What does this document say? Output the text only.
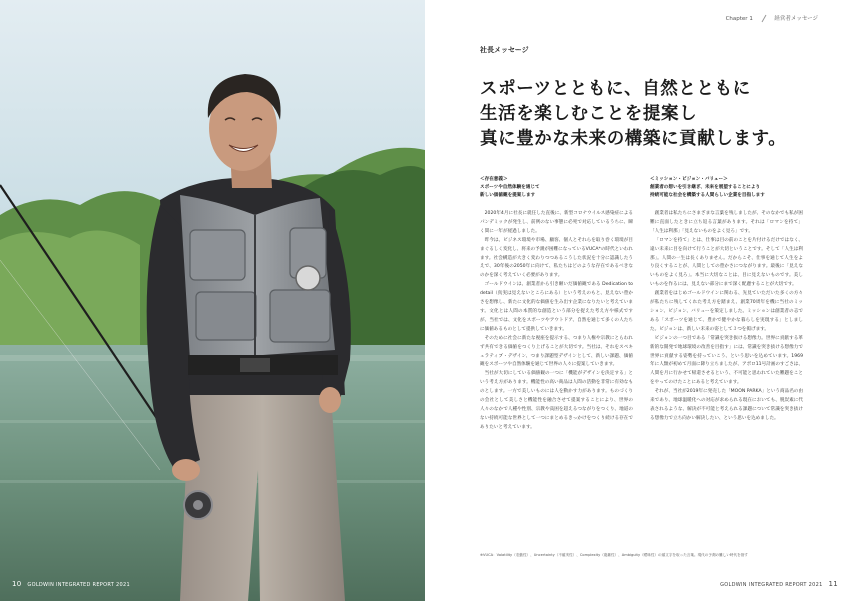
10 GOLDWIN INTEGRATED REPORT 2021
Chapter 1	経営者メッセージ
社長メッセージ
スポーツとともに、自然とともに
生活を楽しむことを提案し
真に豊かな未来の構築に貢献します。
＜存在意義＞
スポーツや自然体験を通じて
新しい価値観を提案します

2020年4月に社長に就任した直後に、新型コロナウイルス感染症によるパンデミックが発生し、前例のない事態に必死で対応しているうちに、瞬く間に一年が経過しました。

昨今は、ビジネス環境や市場、顧客、個人とそれらを取り巻く環境が目まぐるしく変化し、将来の予測が困難になっているVUCA*の時代といわれます。社会構造が大きく変わりつつあるこうした状況を十分に認識したうえで、30年後の2050年に向けて、私たちはどのような存在であるべきなのかを深く考えていく必要があります。

ゴールドウインは、創業者から引き継いだ価値観である Dedication to detail（真実は見えないところにある）という考えのもと、見えない豊かさを想像し、新たに文化的な価値を生み出す企業になりたいと考えています。文化とは人間の本質的な創造という部分を捉えた考え方や様式ですが、当社では、文化をスポーツやアウトドア、自然を通じて多くの人たちに価値あるものとして提供していきます。

そのために社会に新たな視座を提示する、つまり人権や宗教にとらわれず共有できる価値をつくり上げることが大切です。当社は、それをスペキュラティブ・デザイン、つまり課題型デザインとして、新しい課題、価値観をスポーツや自然体験を通じて世界の人々に提案していきます。

当社が大切にしている価値観の一つに「機能がデザインを決定する」という考え方があります。機能性の高い商品は人間の活動を非常に有効なものとします。一方で美しいものには人を動かす力があります。ものづくりの会社として美しさと機能性を融合させて提案することにより、世界の人々のなかで人種や性別、宗教や貧困を超えるつながりをつくり、地道のない持続可能な世界として一つにまとめるきっかけをつくり続ける存在でありたいと考えています。

＜ミッション・ビジョン・バリュー＞
創業者の想いを引き継ぎ、未来を展望することにより
持続可能な社会を構築する人間らしい企業を目指します

創業者は私たちにさまざまな言葉を残しましたが、そのなかでも私が困難に直面したときに立ち返る言葉があります。それは「ロマンを持て」「人生は利那」「見えないものをよく見ろ」です。

「ロマンを持て」とは、仕事は目の前のことを片付けるだけではなく、遠い未来に目を向けて行うことが大切ということです。そして「人生は利那」。人間の一生は長くありません。だからこそ、仕事を通じて人生をより良くすることが、人間としての豊かさにつながります。最後に「見えないものをよく見ろ」。本当に大切なことは、目に見えないものです。美しいものを作るには、見えない部分にまで深く配慮することが大切です。

創業者をはじめゴールドウインに関わる、先見ていただいた多くの方々が私たちに残してくれた考え方を踏まえ、創業70周年を機に当社のミッション、ビジョン、バリューを策定しました。ミッションは創業者の志である「スポーツを通じて、豊かで健やかな暮らしを実現する」としました。ビジョンは、新しい未来の姿として３つを掲げます。

ビジョンの一つ目である「常識を突き抜ける想像力。世界に貢献する革新的な開発で地球環境の改善を目指す」には、常識を突き抜ける想像力で世界に貢献する姿勢を持っていこう、という思いを込めています。1969年に人類が初めて月面に降り立ちましたが、アポロ11号計画のすごさは、人間を月に行かせて帰還させるという、不可能と思われていた難題をことをやってのけたことにあると考えています。

それが、当社が2019年に発売した「MOON PARKA」という商品名の由来であり、地球温暖化への対応が求められる現在においても、脱炭素に代表されるような、解決が不可能と考えられる課題について常識を突き抜ける想像力で立ち向かい解決したい、という思いを込めました。

※VUCA：Volatility（変動性）、Uncertainty（不確実性）、Complexity（複雑性）、Ambiguity（曖昧性）の頭文字を取った言葉。現代の予測の難しい時代を指す
GOLDWIN INTEGRATED REPORT 2021 11
